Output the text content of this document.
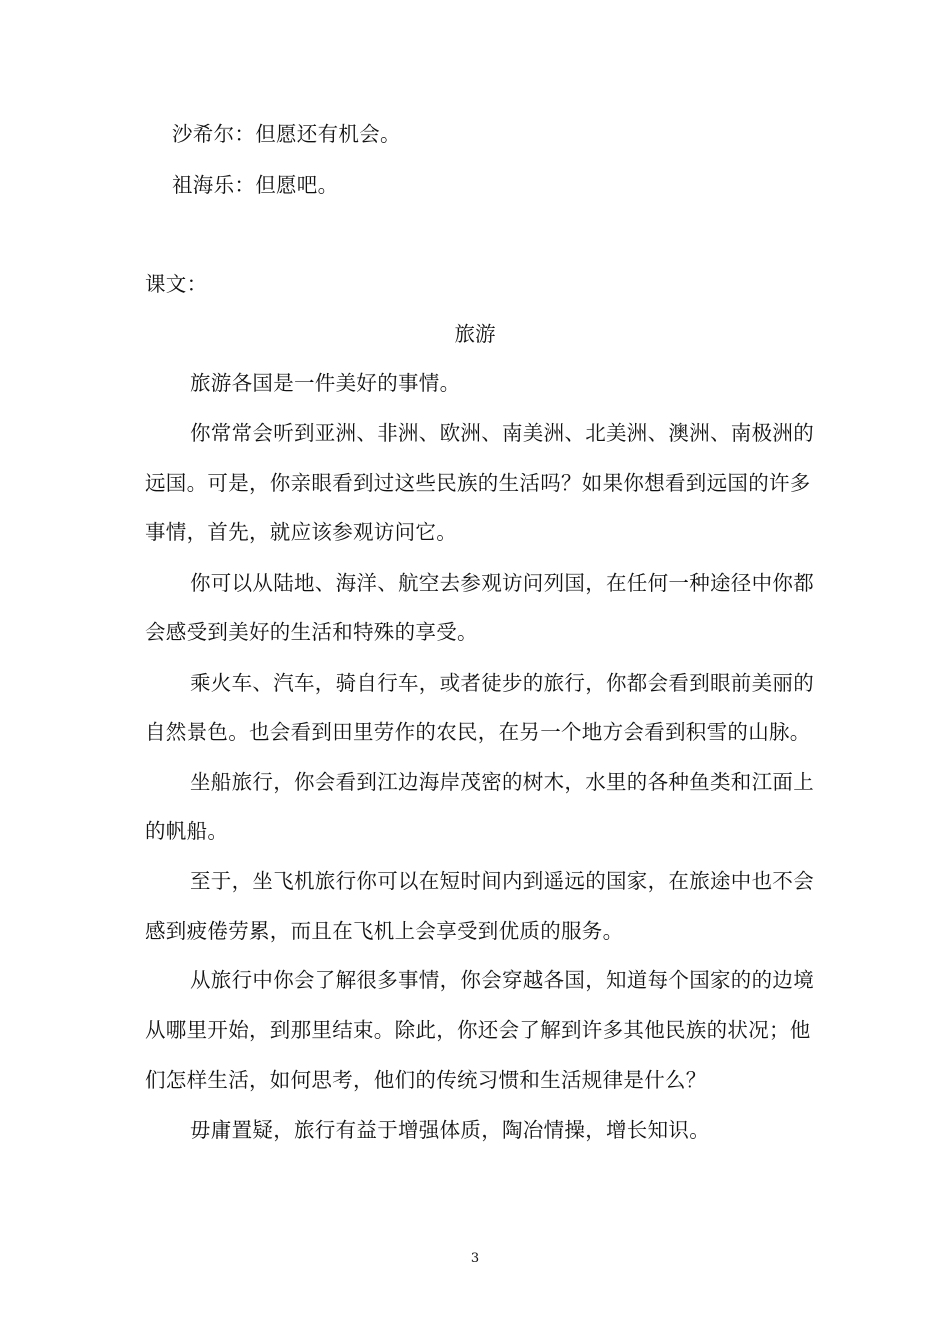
沙希尔：但愿还有机会。
祖海乐：但愿吧。
课文：
旅游
旅游各国是一件美好的事情。
你常常会听到亚洲、非洲、欧洲、南美洲、北美洲、澳洲、南极洲的
远国。可是，你亲眼看到过这些民族的生活吗？如果你想看到远国的许多
事情，首先，就应该参观访问它。
你可以从陆地、海洋、航空去参观访问列国，在任何一种途径中你都
会感受到美好的生活和特殊的享受。
乘火车、汽车，骑自行车，或者徒步的旅行，你都会看到眼前美丽的
自然景色。也会看到田里劳作的农民，在另一个地方会看到积雪的山脉。
坐船旅行，你会看到江边海岸茂密的树木，水里的各种鱼类和江面上
的帆船。
至于，坐飞机旅行你可以在短时间内到遥远的国家，在旅途中也不会
感到疲倦劳累，而且在飞机上会享受到优质的服务。
从旅行中你会了解很多事情，你会穿越各国，知道每个国家的的边境
从哪里开始，到那里结束。除此，你还会了解到许多其他民族的状况；他
们怎样生活，如何思考，他们的传统习惯和生活规律是什么？
毋庸置疑，旅行有益于增强体质，陶冶情操，增长知识。
3
